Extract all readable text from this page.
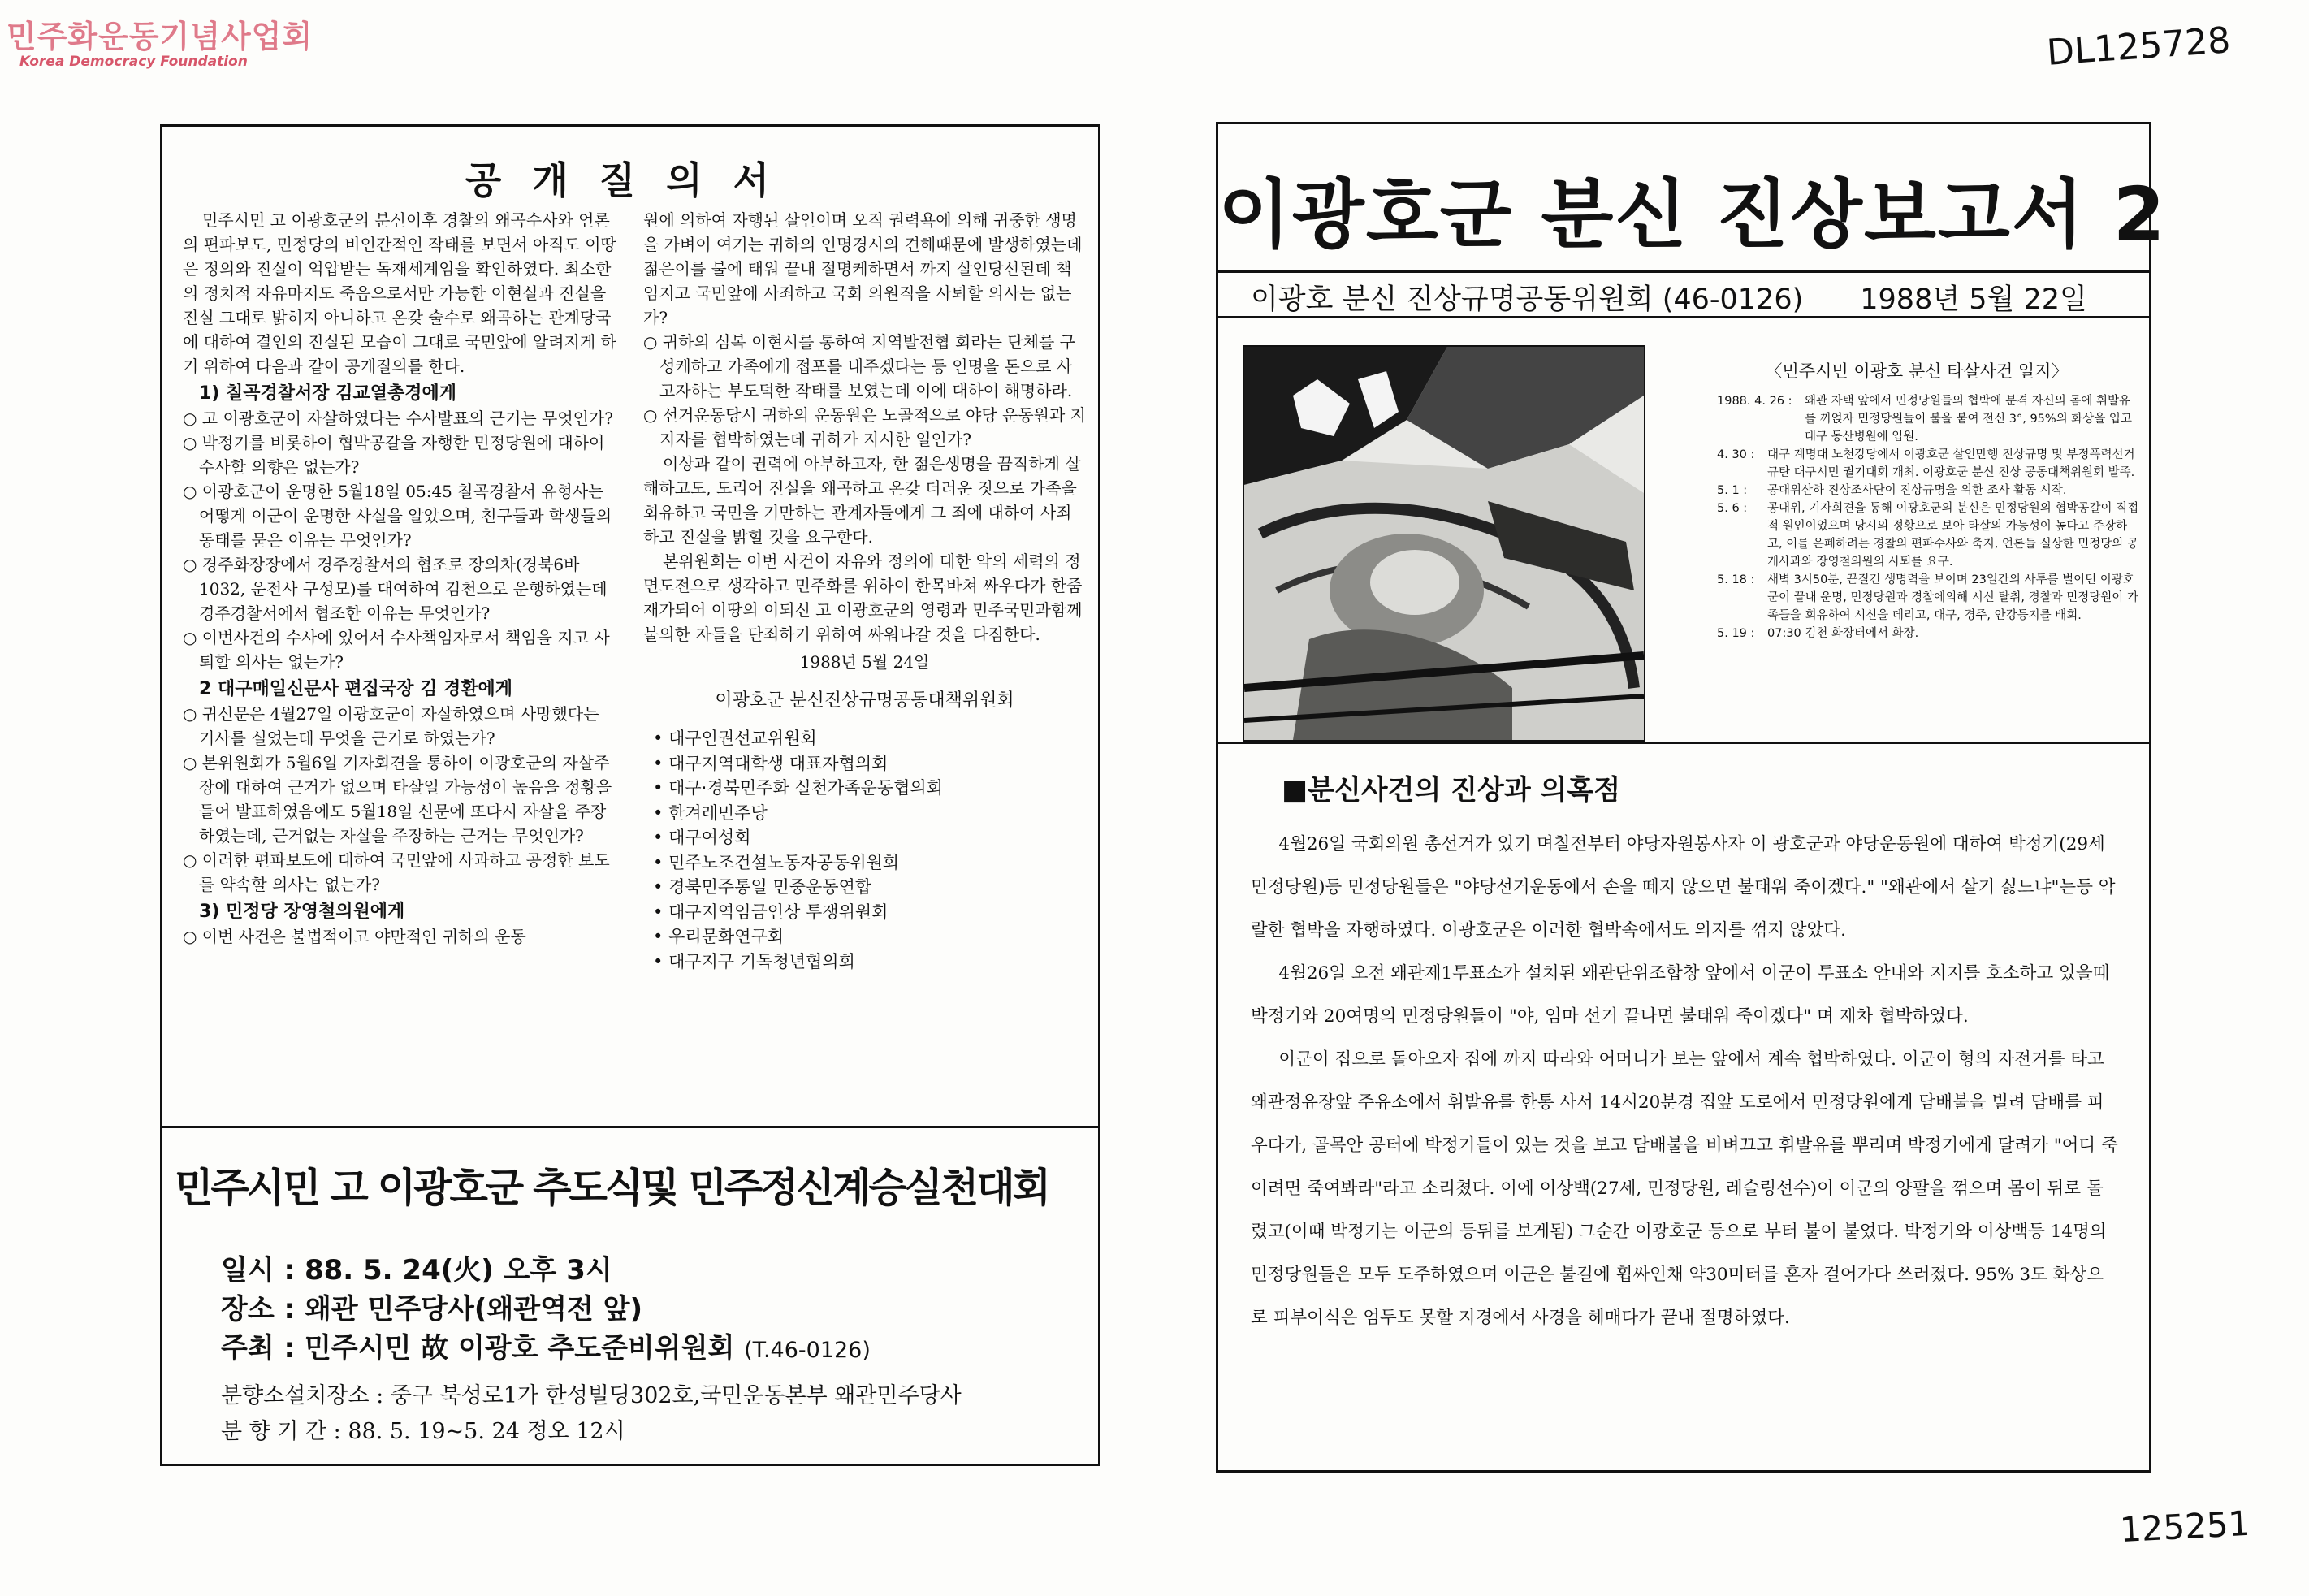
민주화운동기념사업회
Korea Democracy Foundation	DL125728
125251
공개질의서

민주시민 고 이광호군의 분신이후 경찰의 왜곡수사와 언론의 편파보도, 민정당의 비인간적인 작태를 보면서 아직도 이땅은 정의와 진실이 억압받는 독재세계임을 확인하였다. 최소한의 정치적 자유마저도 죽음으로서만 가능한 이현실과 진실을 진실 그대로 밝히지 아니하고 온갖 술수로 왜곡하는 관계당국에 대하여 결인의 진실된 모습이 그대로 국민앞에 알려지게 하기 위하여 다음과 같이 공개질의를 한다.

1) 칠곡경찰서장 김교열총경에게

○ 고 이광호군이 자살하였다는 수사발표의 근거는 무엇인가?

○ 박정기를 비롯하여 협박공갈을 자행한 민정당원에 대하여 수사할 의향은 없는가?

○ 이광호군이 운명한 5월18일 05:45 칠곡경찰서 유형사는 어떻게 이군이 운명한 사실을 알았으며, 친구들과 학생들의 동태를 묻은 이유는 무엇인가?

○ 경주화장장에서 경주경찰서의 협조로 장의차(경북6바1032, 운전사 구성모)를 대여하여 김천으로 운행하였는데 경주경찰서에서 협조한 이유는 무엇인가?

○ 이번사건의 수사에 있어서 수사책임자로서 책임을 지고 사퇴할 의사는 없는가?

2 대구매일신문사 편집국장 김 경환에게

○ 귀신문은 4월27일 이광호군이 자살하였으며 사망했다는 기사를 실었는데 무엇을 근거로 하였는가?

○ 본위원회가 5월6일 기자회견을 통하여 이광호군의 자살주장에 대하여 근거가 없으며 타살일 가능성이 높음을 정황을 들어 발표하였음에도 5월18일 신문에 또다시 자살을 주장하였는데, 근거없는 자살을 주장하는 근거는 무엇인가?

○ 이러한 편파보도에 대하여 국민앞에 사과하고 공정한 보도를 약속할 의사는 없는가?

3) 민정당 장영철의원에게

○ 이번 사건은 불법적이고 야만적인 귀하의 운동

원에 의하여 자행된 살인이며 오직 권력욕에 의해 귀중한 생명을 가벼이 여기는 귀하의 인명경시의 견해때문에 발생하였는데 젊은이를 불에 태워 끝내 절명케하면서 까지 살인당선된데 책임지고 국민앞에 사죄하고 국회 의원직을 사퇴할 의사는 없는가?

○ 귀하의 심복 이현시를 통하여 지역발전협 회라는 단체를 구성케하고 가족에게 접포를 내주겠다는 등 인명을 돈으로 사고자하는 부도덕한 작태를 보였는데 이에 대하여 해명하라.

○ 선거운동당시 귀하의 운동원은 노골적으로 야당 운동원과 지지자를 협박하였는데 귀하가 지시한 일인가?

이상과 같이 권력에 아부하고자, 한 젊은생명을 끔직하게 살해하고도, 도리어 진실을 왜곡하고 온갖 더러운 짓으로 가족을 회유하고 국민을 기만하는 관계자들에게 그 죄에 대하여 사죄하고 진실을 밝힐 것을 요구한다.

본위원회는 이번 사건이 자유와 정의에 대한 악의 세력의 정면도전으로 생각하고 민주화를 위하여 한목바쳐 싸우다가 한줌 재가되어 이땅의 이되신 고 이광호군의 영령과 민주국민과함께 불의한 자들을 단죄하기 위하여 싸워나갈 것을 다짐한다.

1988년 5월 24일
이광호군 분신진상규명공동대책위원회
• 대구인권선교위원회
• 대구지역대학생 대표자협의회
• 대구·경북민주화 실천가족운동협의회
• 한겨레민주당
• 대구여성회
• 민주노조건설노동자공동위원회
• 경북민주통일 민중운동연합
• 대구지역임금인상 투쟁위원회
• 우리문화연구회
• 대구지구 기독청년협의회
민주시민 고 이광호군 추도식및 민주정신계승실천대회
일시 : 88. 5. 24(火) 오후 3시
장소 : 왜관 민주당사(왜관역전 앞)
주최 : 민주시민 故 이광호 추도준비위원회 (T.46-0126)
분향소설치장소 : 중구 북성로1가 한성빌딩302호,국민운동본부 왜관민주당사
분 향 기 간 : 88. 5. 19~5. 24 정오 12시
이광호군 분신 진상보고서 2
이광호 분신 진상규명공동위원회 (46-0126) 1988년 5월 22일
〈민주시민 이광호 분신 타살사건 일지〉
1988. 4. 26 :	왜관 자택 앞에서 민정당원들의 협박에 분격 자신의 몸에 휘발유를 끼얹자 민정당원들이 불을 붙여 전신 3°, 95%의 화상을 입고 대구 동산병원에 입원.
4. 30 :	대구 계명대 노천강당에서 이광호군 살인만행 진상규명 및 부정폭력선거 규탄 대구시민 궐기대회 개최. 이광호군 분신 진상 공동대책위원회 발족.
5. 1 :	공대위산하 진상조사단이 진상규명을 위한 조사 활동 시작.
5. 6 :	공대위, 기자회견을 통해 이광호군의 분신은 민정당원의 협박공갈이 직접적 원인이었으며 당시의 정황으로 보아 타살의 가능성이 높다고 주장하고, 이를 은폐하려는 경찰의 편파수사와 축지, 언론들 실상한 민정당의 공개사과와 장영철의원의 사퇴를 요구.
5. 18 :	새벽 3시50분, 끈질긴 생명력을 보이며 23일간의 사투를 벌이던 이광호군이 끝내 운명, 민정당원과 경찰에의해 시신 탈취, 경찰과 민정당원이 가족들을 회유하여 시신을 데리고, 대구, 경주, 안강등지를 배회.
5. 19 :	07:30 김천 화장터에서 화장.
■분신사건의 진상과 의혹점

4월26일 국회의원 총선거가 있기 며칠전부터 야당자원봉사자 이 광호군과 야당운동원에 대하여 박정기(29세 민정당원)등 민정당원들은 "야당선거운동에서 손을 떼지 않으면 불태워 죽이겠다." "왜관에서 살기 싫느냐"는등 악랄한 협박을 자행하였다. 이광호군은 이러한 협박속에서도 의지를 꺾지 않았다.

4월26일 오전 왜관제1투표소가 설치된 왜관단위조합창 앞에서 이군이 투표소 안내와 지지를 호소하고 있을때 박정기와 20여명의 민정당원들이 "야, 임마 선거 끝나면 불태워 죽이겠다" 며 재차 협박하였다.

이군이 집으로 돌아오자 집에 까지 따라와 어머니가 보는 앞에서 계속 협박하였다. 이군이 형의 자전거를 타고 왜관정유장앞 주유소에서 휘발유를 한통 사서 14시20분경 집앞 도로에서 민정당원에게 담배불을 빌려 담배를 피우다가, 골목안 공터에 박정기들이 있는 것을 보고 담배불을 비벼끄고 휘발유를 뿌리며 박정기에게 달려가 "어디 죽이려면 죽여봐라"라고 소리쳤다. 이에 이상백(27세, 민정당원, 레슬링선수)이 이군의 양팔을 꺾으며 몸이 뒤로 돌렸고(이때 박정기는 이군의 등뒤를 보게됨) 그순간 이광호군 등으로 부터 불이 붙었다. 박정기와 이상백등 14명의 민정당원들은 모두 도주하였으며 이군은 불길에 휩싸인채 약30미터를 혼자 걸어가다 쓰러졌다. 95% 3도 화상으로 피부이식은 엄두도 못할 지경에서 사경을 헤매다가 끝내 절명하였다.
